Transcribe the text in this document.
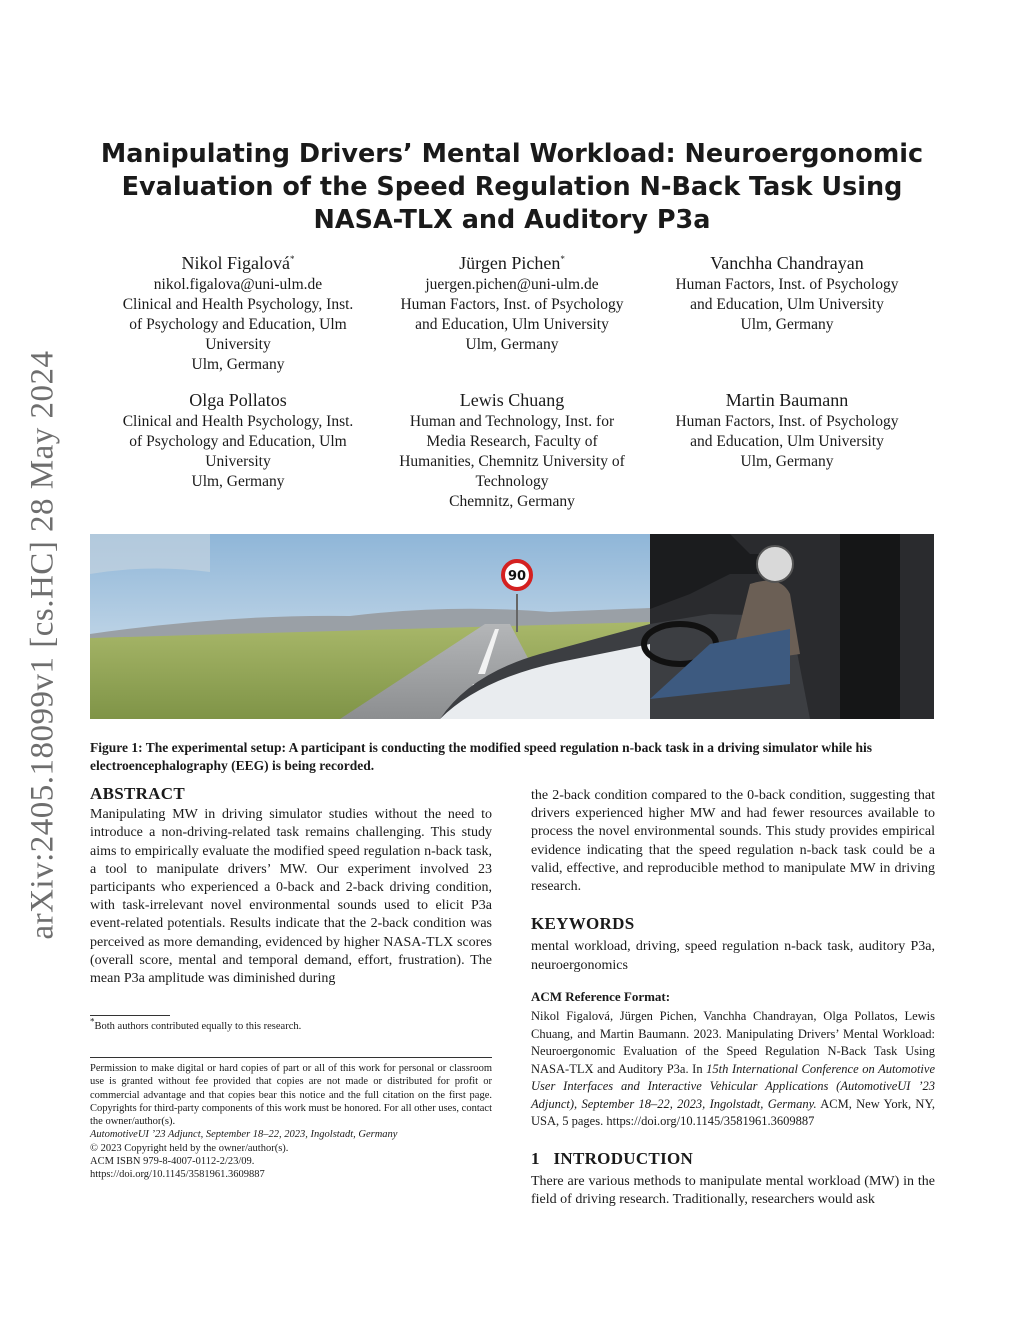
arXiv:2405.18099v1 [cs.HC] 28 May 2024
Manipulating Drivers’ Mental Workload: Neuroergonomic Evaluation of the Speed Regulation N-Back Task Using NASA-TLX and Auditory P3a
Nikol Figalová*
nikol.figalova@uni-ulm.de
Clinical and Health Psychology, Inst.
of Psychology and Education, Ulm
University
Ulm, Germany
Jürgen Pichen*
juergen.pichen@uni-ulm.de
Human Factors, Inst. of Psychology
and Education, Ulm University
Ulm, Germany
Vanchha Chandrayan
Human Factors, Inst. of Psychology
and Education, Ulm University
Ulm, Germany
Olga Pollatos
Clinical and Health Psychology, Inst.
of Psychology and Education, Ulm
University
Ulm, Germany
Lewis Chuang
Human and Technology, Inst. for
Media Research, Faculty of
Humanities, Chemnitz University of
Technology
Chemnitz, Germany
Martin Baumann
Human Factors, Inst. of Psychology
and Education, Ulm University
Ulm, Germany
90

Figure 1: The experimental setup: A participant is conducting the modified speed regulation n-back task in a driving simulator while his electroencephalography (EEG) is being recorded.

ABSTRACT

Manipulating MW in driving simulator studies without the need to introduce a non-driving-related task remains challenging. This study aims to empirically evaluate the modified speed regulation n-back task, a tool to manipulate drivers’ MW. Our experiment involved 23 participants who experienced a 0-back and 2-back driving condition, with task-irrelevant novel environmental sounds used to elicit P3a event-related potentials. Results indicate that the 2-back condition was perceived as more demanding, evidenced by higher NASA-TLX scores (overall score, mental and temporal demand, effort, frustration). The mean P3a amplitude was diminished during

*Both authors contributed equally to this research.
Permission to make digital or hard copies of part or all of this work for personal or classroom use is granted without fee provided that copies are not made or distributed for profit or commercial advantage and that copies bear this notice and the full citation on the first page. Copyrights for third-party components of this work must be honored. For all other uses, contact the owner/author(s).
AutomotiveUI ’23 Adjunct, September 18–22, 2023, Ingolstadt, Germany
© 2023 Copyright held by the owner/author(s).
ACM ISBN 979-8-4007-0112-2/23/09.
https://doi.org/10.1145/3581961.3609887

the 2-back condition compared to the 0-back condition, suggesting that drivers experienced higher MW and had fewer resources available to process the novel environmental sounds. This study provides empirical evidence indicating that the speed regulation n-back task could be a valid, effective, and reproducible method to manipulate MW in driving research.

KEYWORDS

mental workload, driving, speed regulation n-back task, auditory P3a, neuroergonomics

ACM Reference Format:

Nikol Figalová, Jürgen Pichen, Vanchha Chandrayan, Olga Pollatos, Lewis Chuang, and Martin Baumann. 2023. Manipulating Drivers’ Mental Workload: Neuroergonomic Evaluation of the Speed Regulation N-Back Task Using NASA-TLX and Auditory P3a. In 15th International Conference on Automotive User Interfaces and Interactive Vehicular Applications (AutomotiveUI ’23 Adjunct), September 18–22, 2023, Ingolstadt, Germany. ACM, New York, NY, USA, 5 pages. https://doi.org/10.1145/3581961.3609887

1 INTRODUCTION

There are various methods to manipulate mental workload (MW) in the field of driving research. Traditionally, researchers would ask
